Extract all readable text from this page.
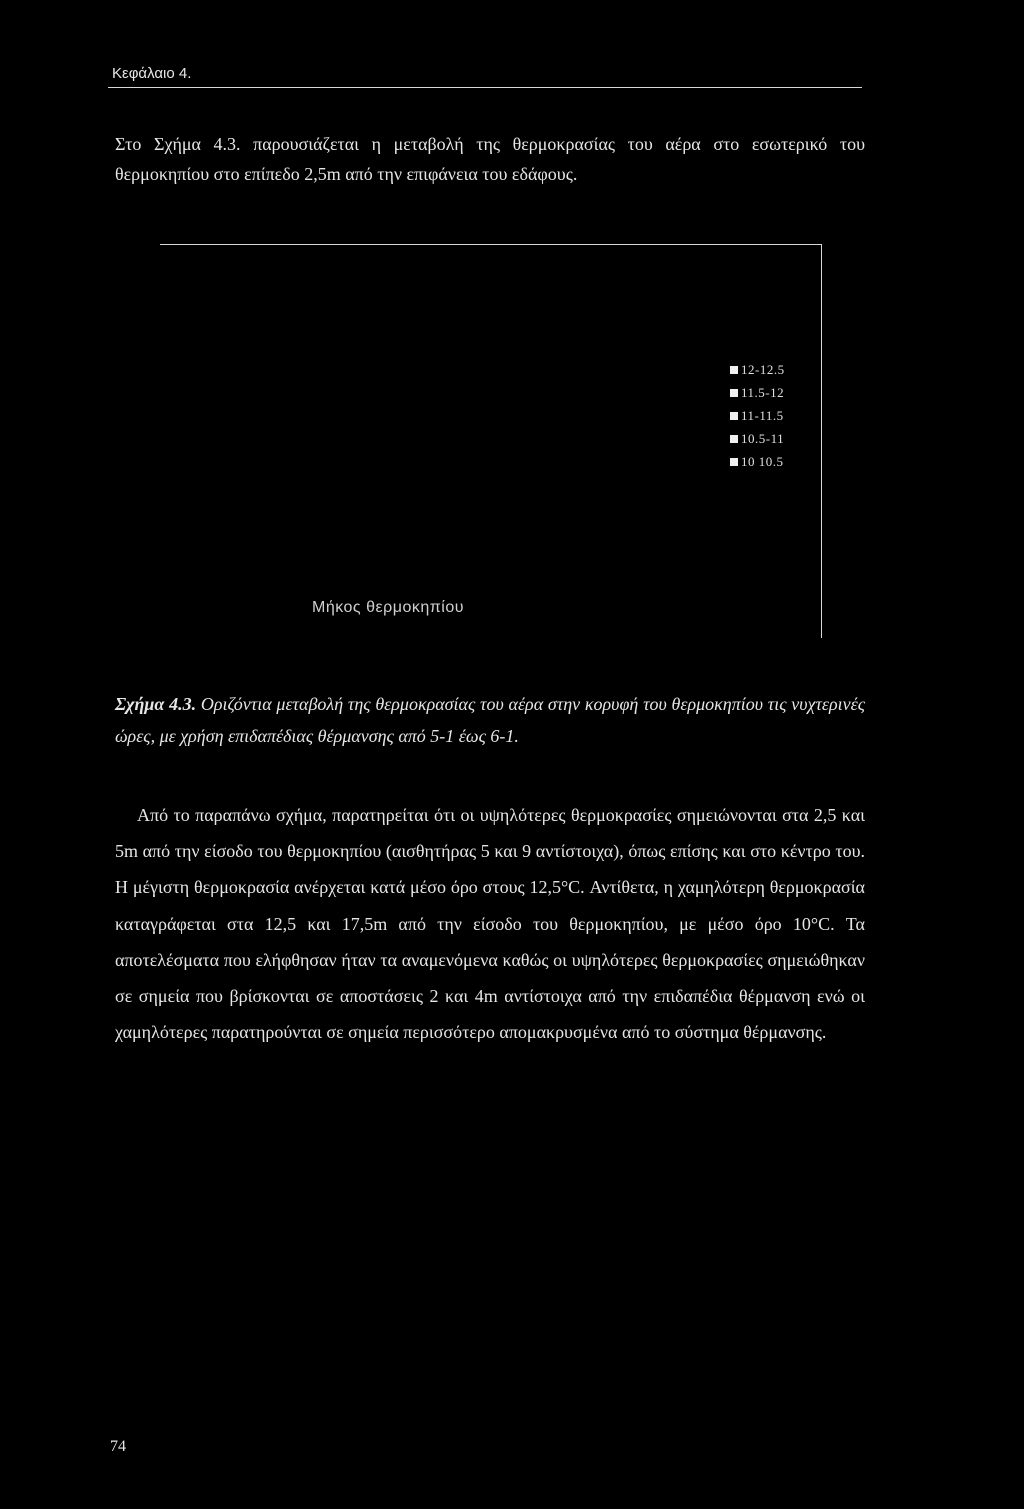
Κεφάλαιο 4.

Στο Σχήμα 4.3. παρουσιάζεται η μεταβολή της θερμοκρασίας του αέρα στο εσωτερικό του θερμοκηπίου στο επίπεδο 2,5m από την επιφάνεια του εδάφους.

12-12.5
11.5-12
11-11.5
10.5-11
10 10.5
Μήκος θερμοκηπίου

Σχήμα 4.3. Οριζόντια μεταβολή της θερμοκρασίας του αέρα στην κορυφή του θερμοκηπίου τις νυχτερινές ώρες, με χρήση επιδαπέδιας θέρμανσης από 5-1 έως 6-1.

Από το παραπάνω σχήμα, παρατηρείται ότι οι υψηλότερες θερμοκρασίες σημειώνονται στα 2,5 και 5m από την είσοδο του θερμοκηπίου (αισθητήρας 5 και 9 αντίστοιχα), όπως επίσης και στο κέντρο του. Η μέγιστη θερμοκρασία ανέρχεται κατά μέσο όρο στους 12,5°C. Αντίθετα, η χαμηλότερη θερμοκρασία καταγράφεται στα 12,5 και 17,5m από την είσοδο του θερμοκηπίου, με μέσο όρο 10°C. Τα αποτελέσματα που ελήφθησαν ήταν τα αναμενόμενα καθώς οι υψηλότερες θερμοκρασίες σημειώθηκαν σε σημεία που βρίσκονται σε αποστάσεις 2 και 4m αντίστοιχα από την επιδαπέδια θέρμανση ενώ οι χαμηλότερες παρατηρούνται σε σημεία περισσότερο απομακρυσμένα από το σύστημα θέρμανσης.

74
